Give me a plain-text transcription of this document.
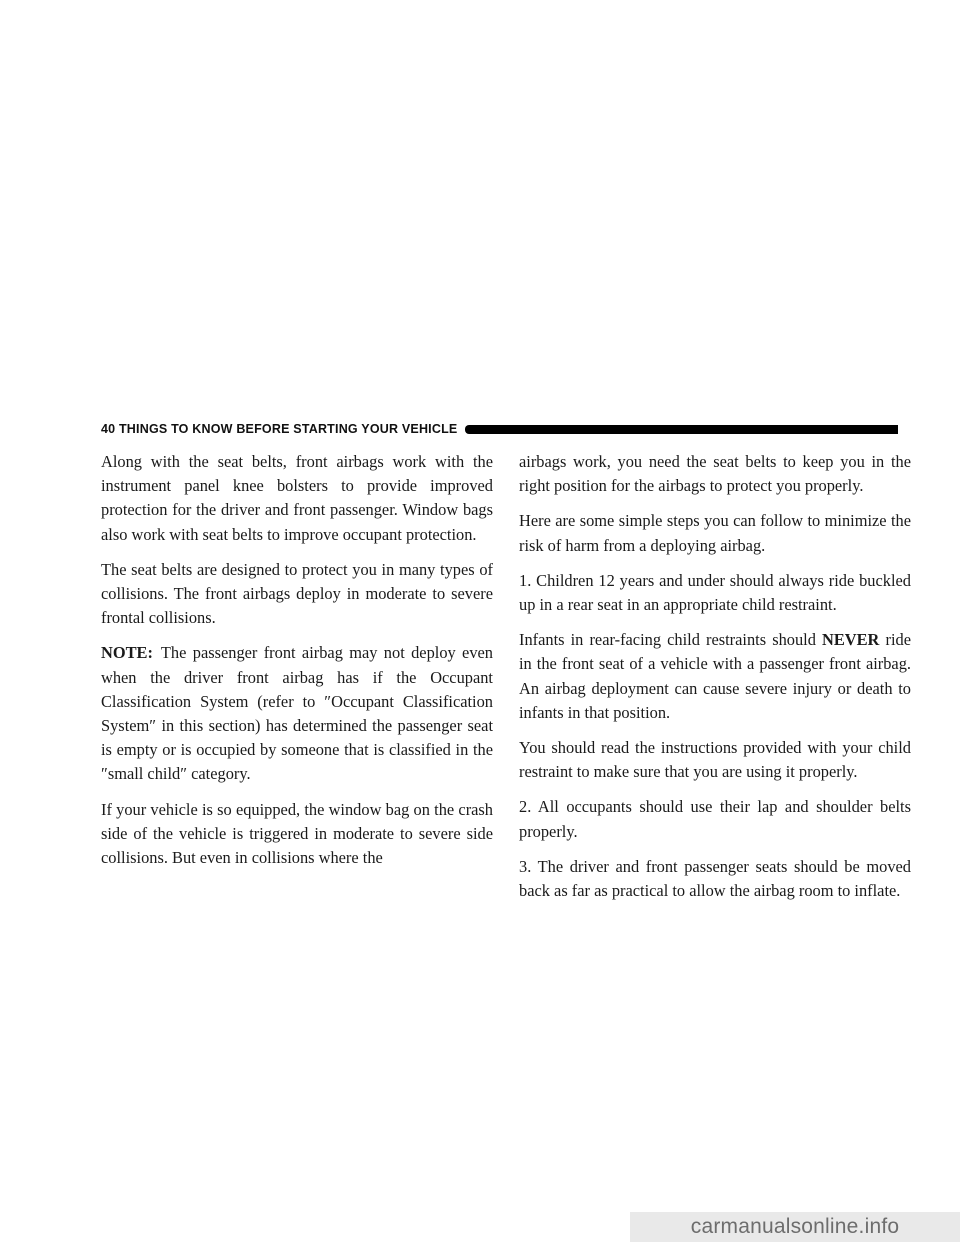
40 THINGS TO KNOW BEFORE STARTING YOUR VEHICLE

Along with the seat belts, front airbags work with the instrument panel knee bolsters to provide improved protection for the driver and front passenger. Window bags also work with seat belts to improve occupant protection.

The seat belts are designed to protect you in many types of collisions. The front airbags deploy in moderate to severe frontal collisions.

NOTE: The passenger front airbag may not deploy even when the driver front airbag has if the Occupant Classification System (refer to ″Occupant Classification System″ in this section) has determined the passenger seat is empty or is occupied by someone that is classified in the ″small child″ category.

If your vehicle is so equipped, the window bag on the crash side of the vehicle is triggered in moderate to severe side collisions. But even in collisions where the

airbags work, you need the seat belts to keep you in the right position for the airbags to protect you properly.

Here are some simple steps you can follow to minimize the risk of harm from a deploying airbag.

1. Children 12 years and under should always ride buckled up in a rear seat in an appropriate child restraint.

Infants in rear-facing child restraints should NEVER ride in the front seat of a vehicle with a passenger front airbag. An airbag deployment can cause severe injury or death to infants in that position.

You should read the instructions provided with your child restraint to make sure that you are using it properly.

2. All occupants should use their lap and shoulder belts properly.

3. The driver and front passenger seats should be moved back as far as practical to allow the airbag room to inflate.

carmanualsonline.info
